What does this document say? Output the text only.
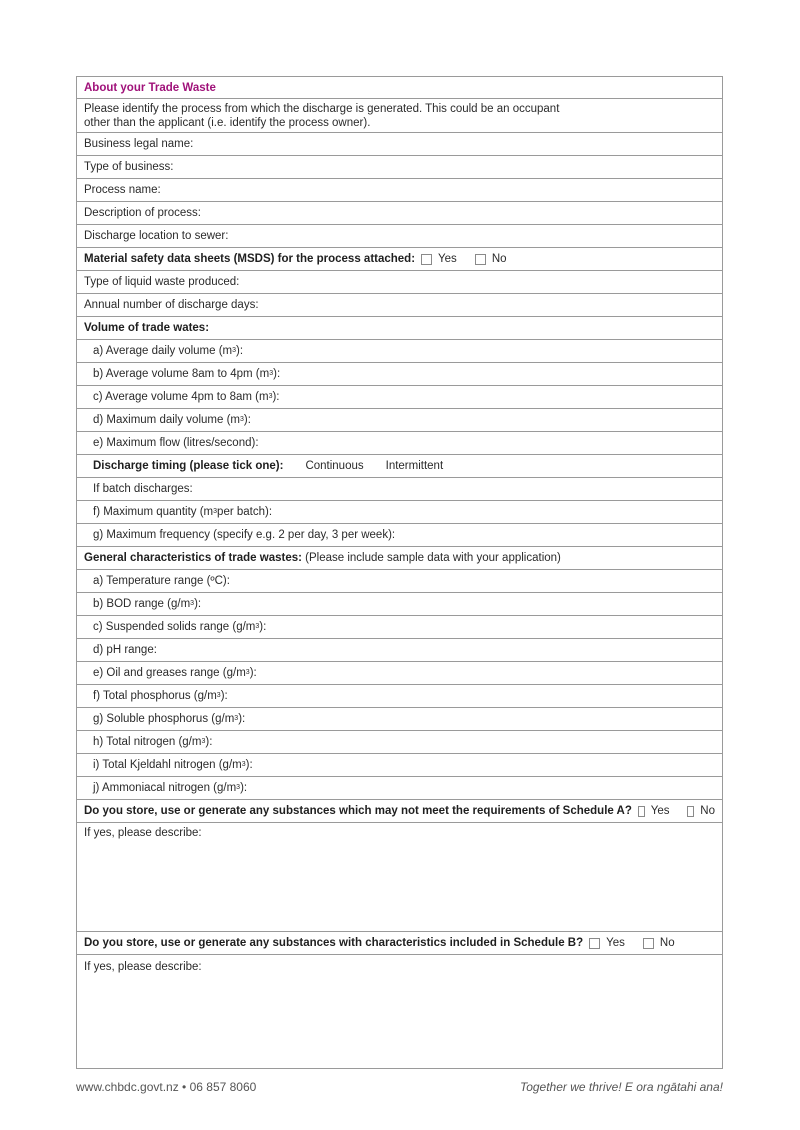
About your Trade Waste
Please identify the process from which the discharge is generated. This could be an occupant
other than the applicant (i.e. identify the process owner).
Business legal name:
Type of business:
Process name:
Description of process:
Discharge location to sewer:
Material safety data sheets (MSDS) for the process attached: Yes	No
Type of liquid waste produced:
Annual number of discharge days:
Volume of trade wates:
a) Average daily volume (m 3 ):
b) Average volume 8am to 4pm (m 3 ):
c) Average volume 4pm to 8am (m 3 ):
d) Maximum daily volume (m 3 ):
e) Maximum flow (litres/second):
Discharge timing (please tick one): Continuous Intermittent
If batch discharges:
f) Maximum quantity (m 3 per batch):
g) Maximum frequency (specify e.g. 2 per day, 3 per week):
General characteristics of trade wastes:
(Please include sample data with your application)
a) Temperature range (ºC):
b) BOD range (g/m 3 ):
c) Suspended solids range (g/m 3 ):
d) pH range:
e) Oil and greases range (g/m 3 ):
f) Total phosphorus (g/m 3 ):
g) Soluble phosphorus (g/m 3 ):
h) Total nitrogen (g/m 3 ):
i) Total Kjeldahl nitrogen (g/m 3 ):
j) Ammoniacal nitrogen (g/m 3 ):
Do you store, use or generate any substances which may not meet the requirements of Schedule A? Yes	No
If yes, please describe:
Do you store, use or generate any substances with characteristics included in Schedule B? Yes	No
If yes, please describe:
www.chbdc.govt.nz • 06 857 8060	Together we thrive! E ora ngātahi ana!
